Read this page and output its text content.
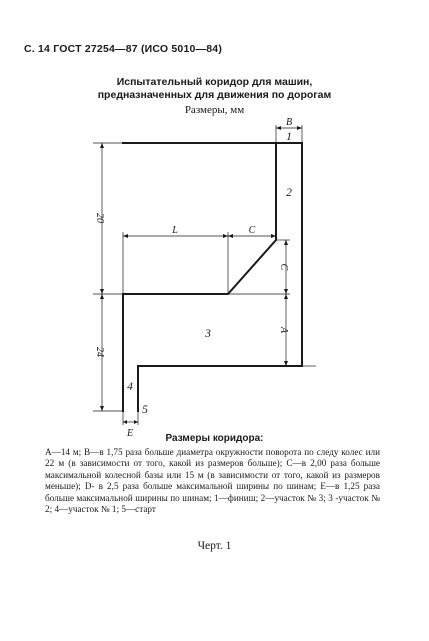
С. 14 ГОСТ 27254—87 (ИСО 5010—84)
Испытательный коридор для машин,
предназначенных для движения по дорогам
Размеры, мм
B
20
L	C
C
A
24
E
1
2
3
4
5
Размеры коридора:
A—14 м; B—в 1,75 раза больше диаметра окружности поворота по следу колес или 22 м (в зависимости от того, какой из размеров больше); C—в 2,00 раза больше максимальной колесной базы или 15 м (в зависимости от того, какой из размеров меньше); D- в 2,5 раза больше максимальной ширины по шинам; E—в 1,25 раза больше максимальной ширины по шинам; 1—финиш; 2—участок № 3; 3 -участок № 2; 4—участок № 1; 5—старт
Черт. 1
